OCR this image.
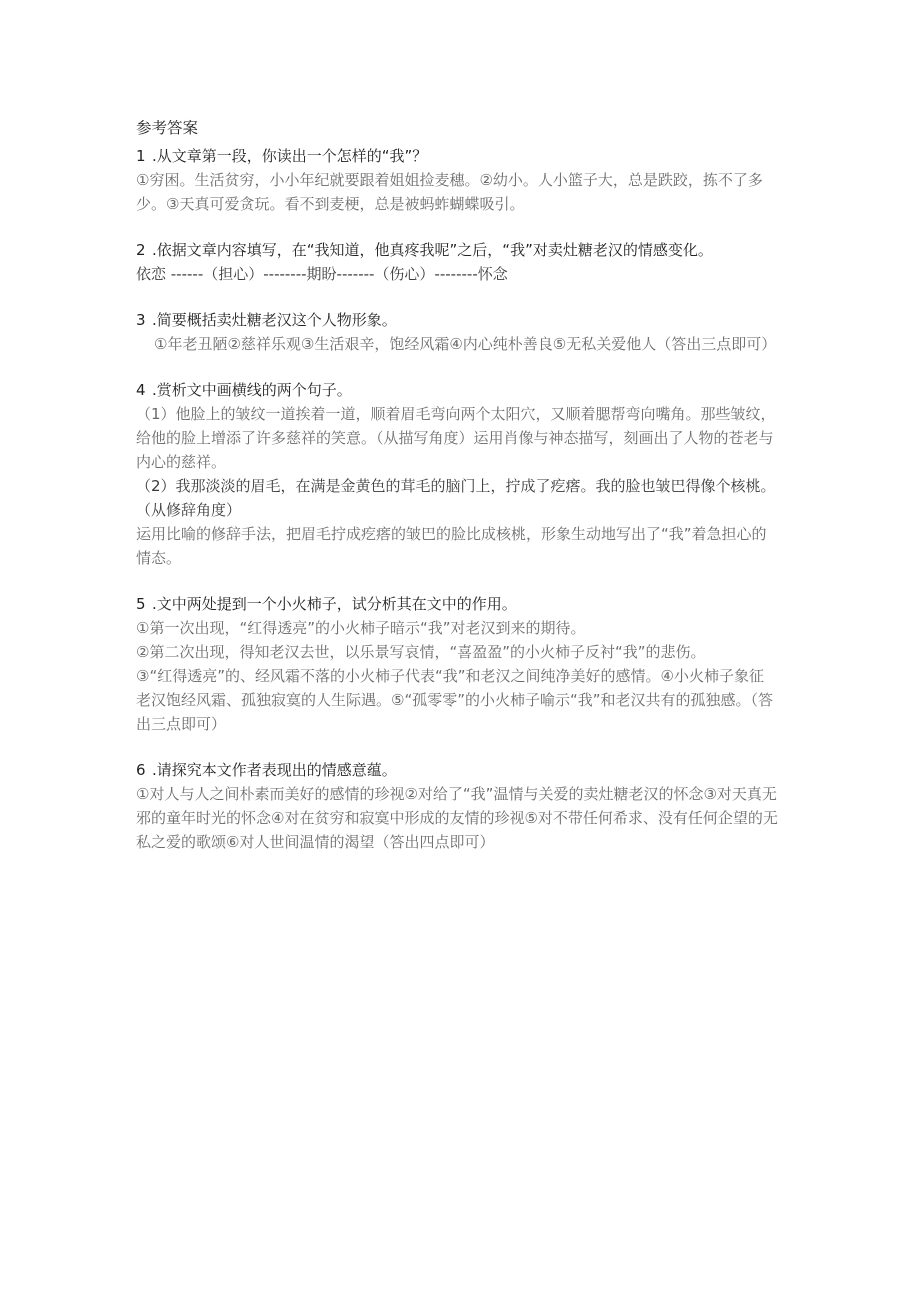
参考答案

1 .从文章第一段，你读出一个怎样的“我”？

①穷困。生活贫穷，小小年纪就要跟着姐姐捡麦穗。②幼小。人小篮子大，总是跌跤，拣不了多少。③天真可爱贪玩。看不到麦梗，总是被蚂蚱蝴蝶吸引。

2 .依据文章内容填写，在“我知道，他真疼我呢”之后，“我”对卖灶糖老汉的情感变化。

依恋 ------（担心）--------期盼-------（伤心）--------怀念

3 .简要概括卖灶糖老汉这个人物形象。

①年老丑陋②慈祥乐观③生活艰辛，饱经风霜④内心纯朴善良⑤无私关爱他人（答出三点即可）

4 .赏析文中画横线的两个句子。

（1）他脸上的皱纹一道挨着一道，顺着眉毛弯向两个太阳穴，又顺着腮帮弯向嘴角。那些皱纹，给他的脸上增添了许多慈祥的笑意。（从描写角度）运用肖像与神态描写，刻画出了人物的苍老与内心的慈祥。

（2）我那淡淡的眉毛，在满是金黄色的茸毛的脑门上，拧成了疙瘩。我的脸也皱巴得像个核桃。（从修辞角度）

运用比喻的修辞手法，把眉毛拧成疙瘩的皱巴的脸比成核桃，形象生动地写出了“我”着急担心的情态。

5 .文中两处提到一个小火柿子，试分析其在文中的作用。

①第一次出现，“红得透亮”的小火柿子暗示“我”对老汉到来的期待。

②第二次出现，得知老汉去世，以乐景写哀情，“喜盈盈”的小火柿子反衬“我”的悲伤。

③“红得透亮”的、经风霜不落的小火柿子代表“我”和老汉之间纯净美好的感情。④小火柿子象征老汉饱经风霜、孤独寂寞的人生际遇。⑤“孤零零”的小火柿子喻示“我”和老汉共有的孤独感。（答出三点即可）

6 .请探究本文作者表现出的情感意蕴。

①对人与人之间朴素而美好的感情的珍视②对给了“我”温情与关爱的卖灶糖老汉的怀念③对天真无邪的童年时光的怀念④对在贫穷和寂寞中形成的友情的珍视⑤对不带任何希求、没有任何企望的无私之爱的歌颂⑥对人世间温情的渴望（答出四点即可）
